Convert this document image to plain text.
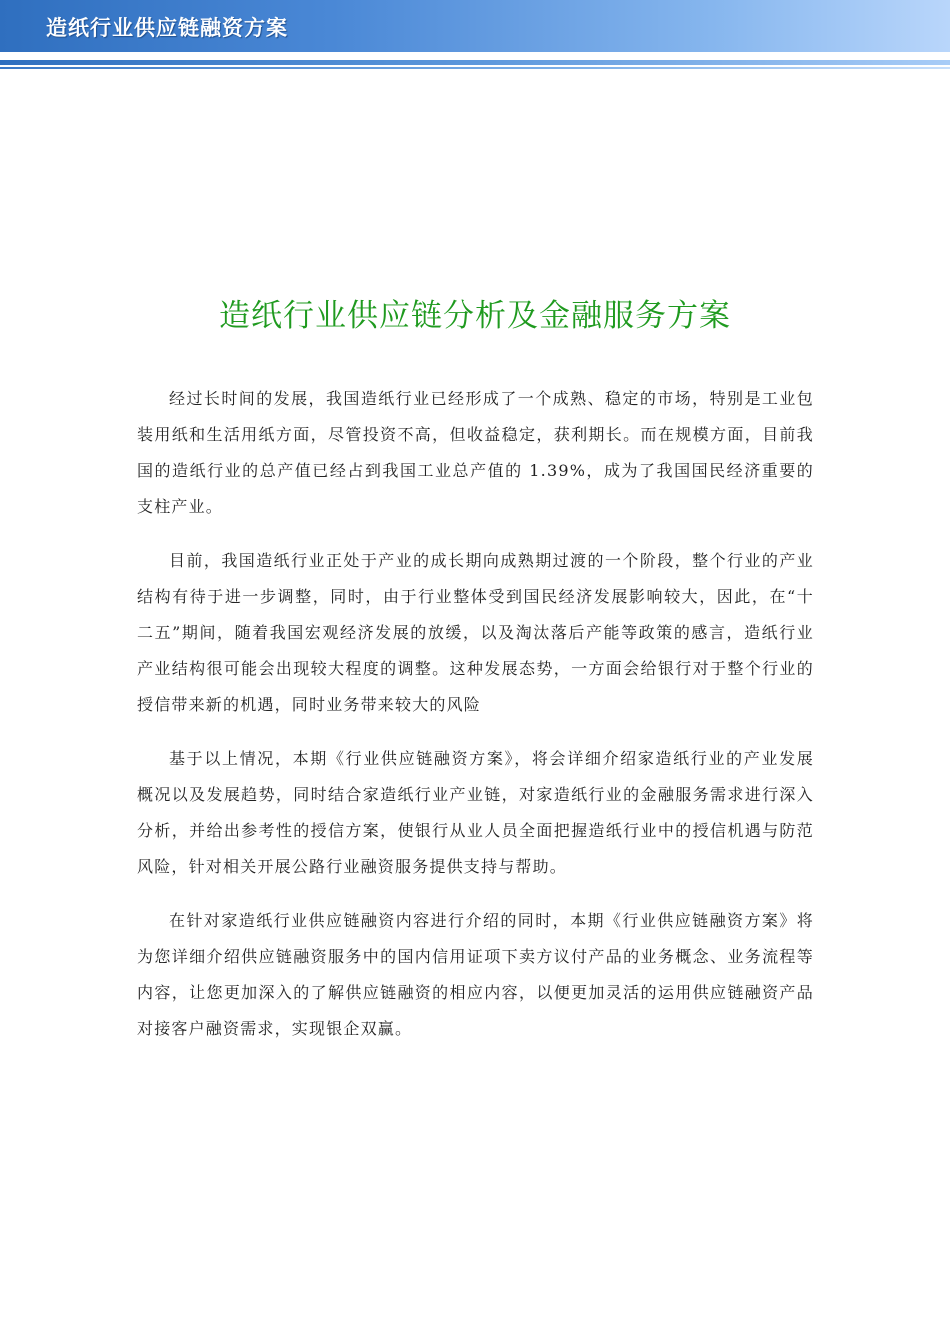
造纸行业供应链融资方案
造纸行业供应链分析及金融服务方案

经过长时间的发展，我国造纸行业已经形成了一个成熟、稳定的市场，特别是工业包装用纸和生活用纸方面，尽管投资不高，但收益稳定，获利期长。而在规模方面，目前我国的造纸行业的总产值已经占到我国工业总产值的 1.39%，成为了我国国民经济重要的支柱产业。

目前，我国造纸行业正处于产业的成长期向成熟期过渡的一个阶段，整个行业的产业结构有待于进一步调整，同时，由于行业整体受到国民经济发展影响较大，因此，在“十二五”期间，随着我国宏观经济发展的放缓，以及淘汰落后产能等政策的感言，造纸行业产业结构很可能会出现较大程度的调整。这种发展态势，一方面会给银行对于整个行业的授信带来新的机遇，同时业务带来较大的风险

基于以上情况，本期《行业供应链融资方案》，将会详细介绍家造纸行业的产业发展概况以及发展趋势，同时结合家造纸行业产业链，对家造纸行业的金融服务需求进行深入分析，并给出参考性的授信方案，使银行从业人员全面把握造纸行业中的授信机遇与防范风险，针对相关开展公路行业融资服务提供支持与帮助。

在针对家造纸行业供应链融资内容进行介绍的同时，本期《行业供应链融资方案》将为您详细介绍供应链融资服务中的国内信用证项下卖方议付产品的业务概念、业务流程等内容，让您更加深入的了解供应链融资的相应内容，以便更加灵活的运用供应链融资产品对接客户融资需求，实现银企双赢。
